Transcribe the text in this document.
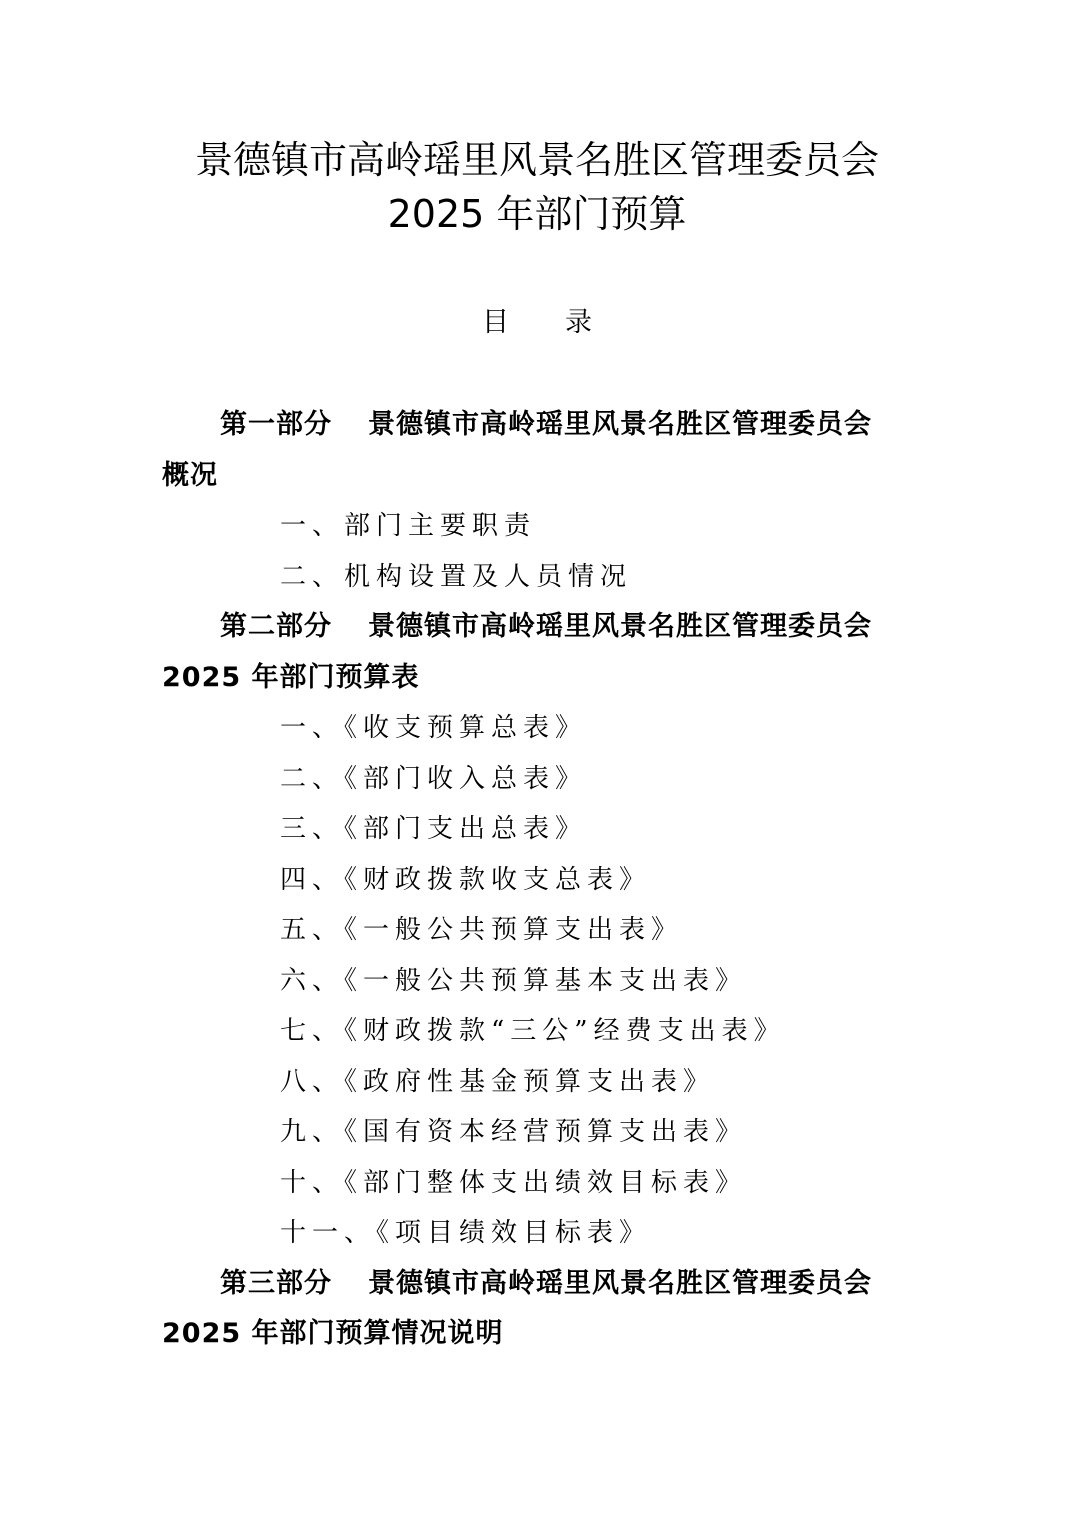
景德镇市高岭瑶里风景名胜区管理委员会
2025 年部门预算
目录
第一部分 景德镇市高岭瑶里风景名胜区管理委员会
概况
一、部门主要职责
二、机构设置及人员情况
第二部分 景德镇市高岭瑶里风景名胜区管理委员会
2025 年部门预算表
一、《收支预算总表》
二、《部门收入总表》
三、《部门支出总表》
四、《财政拨款收支总表》
五、《一般公共预算支出表》
六、《一般公共预算基本支出表》
七、《财政拨款“三公”经费支出表》
八、《政府性基金预算支出表》
九、《国有资本经营预算支出表》
十、《部门整体支出绩效目标表》
十一、《项目绩效目标表》
第三部分 景德镇市高岭瑶里风景名胜区管理委员会
2025 年部门预算情况说明
